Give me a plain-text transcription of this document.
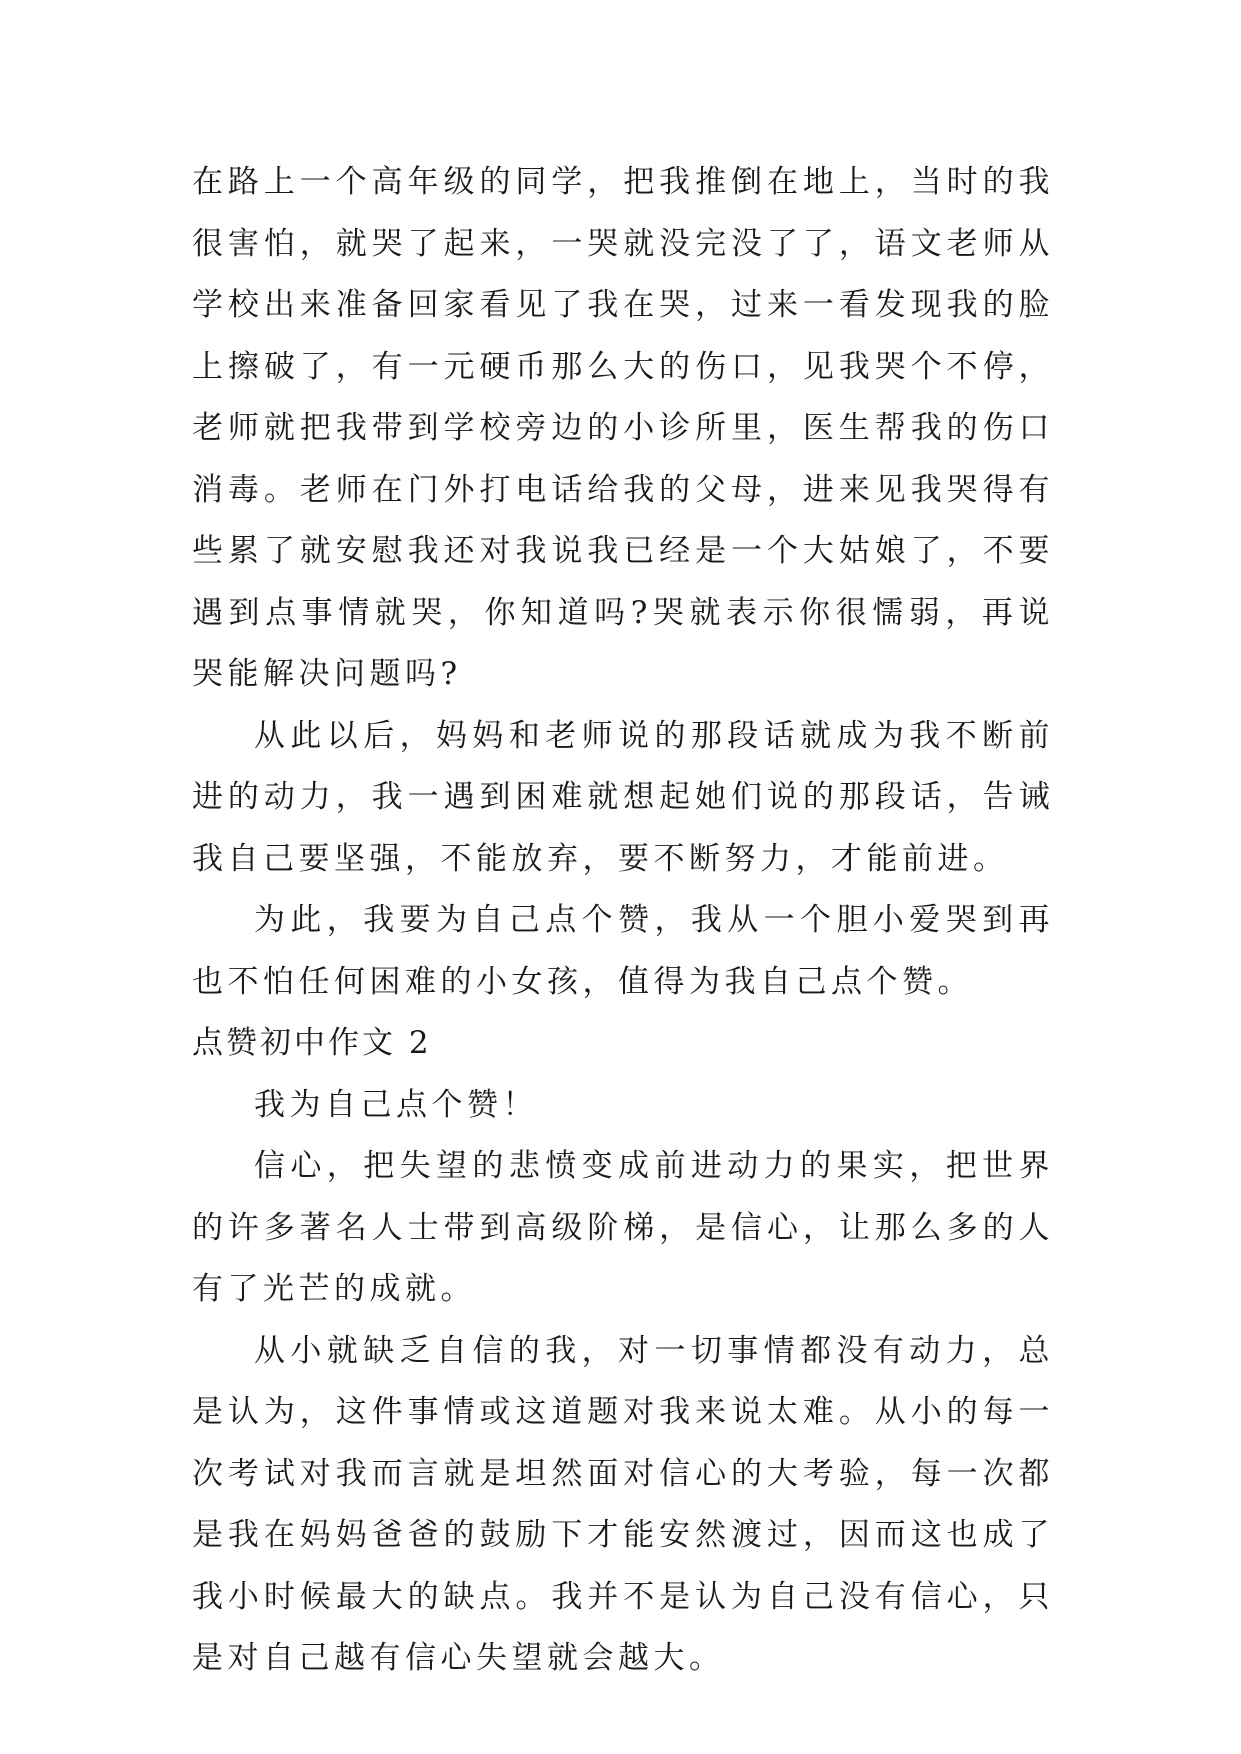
在路上一个高年级的同学，把我推倒在地上，当时的我很害怕，就哭了起来，一哭就没完没了了，语文老师从学校出来准备回家看见了我在哭，过来一看发现我的脸上擦破了，有一元硬币那么大的伤口，见我哭个不停，老师就把我带到学校旁边的小诊所里，医生帮我的伤口消毒。老师在门外打电话给我的父母，进来见我哭得有些累了就安慰我还对我说我已经是一个大姑娘了，不要遇到点事情就哭，你知道吗?哭就表示你很懦弱，再说哭能解决问题吗?

从此以后，妈妈和老师说的那段话就成为我不断前进的动力，我一遇到困难就想起她们说的那段话，告诫我自己要坚强，不能放弃，要不断努力，才能前进。

为此，我要为自己点个赞，我从一个胆小爱哭到再也不怕任何困难的小女孩，值得为我自己点个赞。

点赞初中作文 2

我为自己点个赞！

信心，把失望的悲愤变成前进动力的果实，把世界的许多著名人士带到高级阶梯，是信心，让那么多的人有了光芒的成就。

从小就缺乏自信的我，对一切事情都没有动力，总是认为，这件事情或这道题对我来说太难。从小的每一次考试对我而言就是坦然面对信心的大考验，每一次都是我在妈妈爸爸的鼓励下才能安然渡过，因而这也成了我小时候最大的缺点。我并不是认为自己没有信心，只是对自己越有信心失望就会越大。
